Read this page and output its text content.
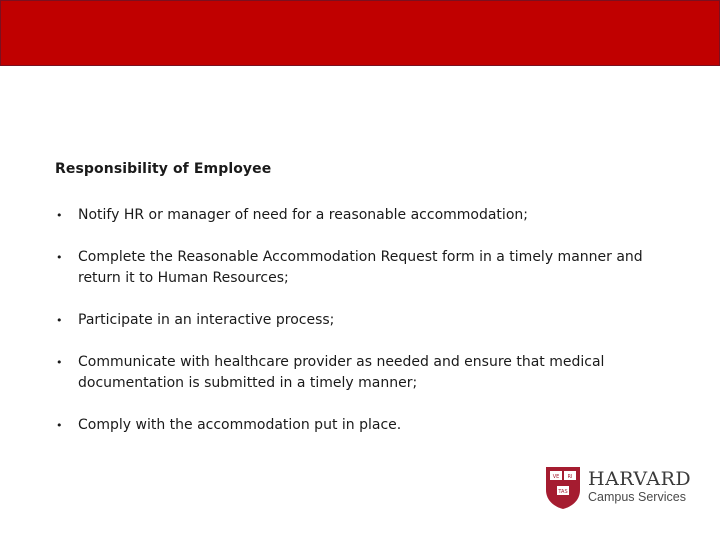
Responsibility of Employee
• Notify HR or manager of need for a reasonable accommodation;
• Complete the Reasonable Accommodation Request form in a timely manner and return it to Human Resources;
• Participate in an interactive process;
• Communicate with healthcare provider as needed and ensure that medical documentation is submitted in a timely manner;
• Comply with the accommodation put in place.
VE RI
TAS
HARVARD
Campus Services
